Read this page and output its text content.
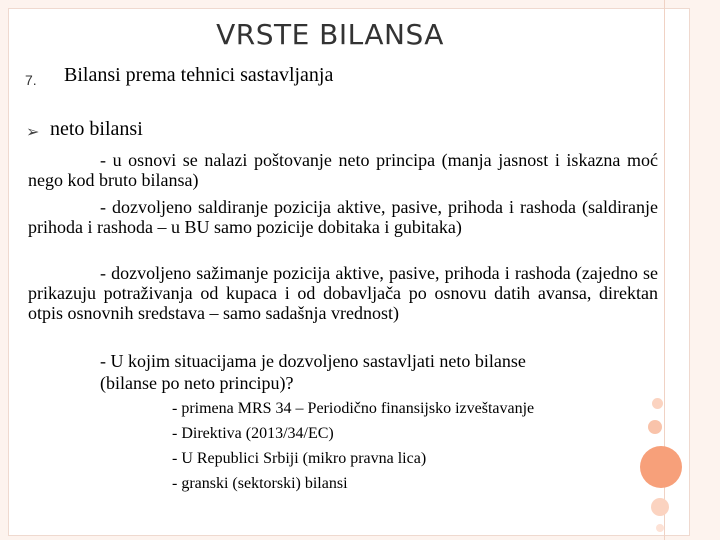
VRSTE BILANSA
7. Bilansi prema tehnici sastavljanja
➢ neto bilansi
- u osnovi se nalazi poštovanje neto principa (manja jasnost i iskazna moć nego kod bruto bilansa)
- dozvoljeno saldiranje pozicija aktive, pasive, prihoda i rashoda (saldiranje prihoda i rashoda – u BU samo pozicije dobitaka i gubitaka)
- dozvoljeno sažimanje pozicija aktive, pasive, prihoda i rashoda (zajedno se prikazuju potraživanja od kupaca i od dobavljača po osnovu datih avansa, direktan otpis osnovnih sredstava – samo sadašnja vrednost)
- U kojim situacijama je dozvoljeno sastavljati neto bilanse (bilanse po neto principu)?
- primena MRS 34 – Periodično finansijsko izveštavanje
- Direktiva (2013/34/EC)
- U Republici Srbiji (mikro pravna lica)
- granski (sektorski) bilansi
